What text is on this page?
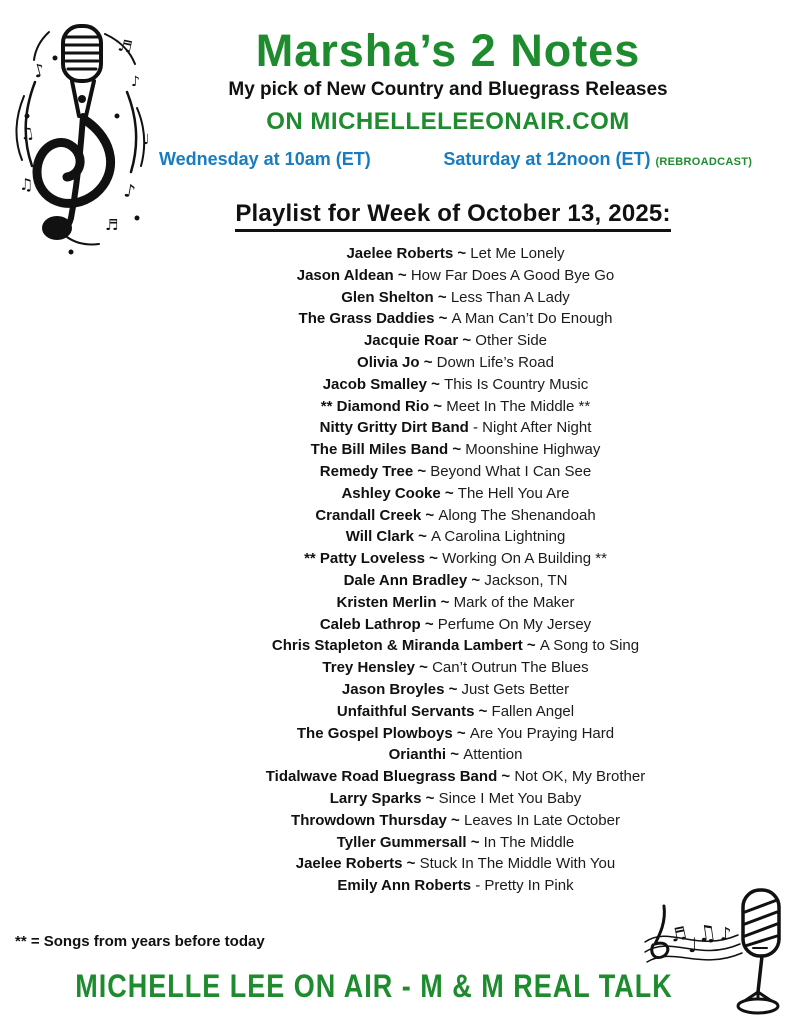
♪
♬
♪
♫	♪
♬
♩
♫
Marsha’s 2 Notes
My pick of New Country and Bluegrass Releases
ON MICHELLELEEONAIR.COM
Wednesday at 10am (ET)	Saturday at 12noon (ET) (REBROADCAST)
Playlist for Week of October 13, 2025:
Jaelee Roberts ~ Let Me Lonely
Jason Aldean ~ How Far Does A Good Bye Go
Glen Shelton ~ Less Than A Lady
The Grass Daddies ~ A Man Can’t Do Enough
Jacquie Roar ~ Other Side
Olivia Jo ~ Down Life’s Road
Jacob Smalley ~ This Is Country Music
** Diamond Rio ~ Meet In The Middle **
Nitty Gritty Dirt Band - Night After Night
The Bill Miles Band ~ Moonshine Highway
Remedy Tree ~ Beyond What I Can See
Ashley Cooke ~ The Hell You Are
Crandall Creek ~ Along The Shenandoah
Will Clark ~ A Carolina Lightning
** Patty Loveless ~ Working On A Building **
Dale Ann Bradley ~ Jackson, TN
Kristen Merlin ~ Mark of the Maker
Caleb Lathrop ~ Perfume On My Jersey
Chris Stapleton & Miranda Lambert ~ A Song to Sing
Trey Hensley ~ Can’t Outrun The Blues
Jason Broyles ~ Just Gets Better
Unfaithful Servants ~ Fallen Angel
The Gospel Plowboys ~ Are You Praying Hard
Orianthi ~ Attention
Tidalwave Road Bluegrass Band ~ Not OK, My Brother
Larry Sparks ~ Since I Met You Baby
Throwdown Thursday ~ Leaves In Late October
Tyller Gummersall ~ In The Middle
Jaelee Roberts ~ Stuck In The Middle With You
Emily Ann Roberts - Pretty In Pink
** = Songs from years before today
MICHELLE LEE ON AIR - M & M REAL TALK
♬ ♩
♫ ♪
